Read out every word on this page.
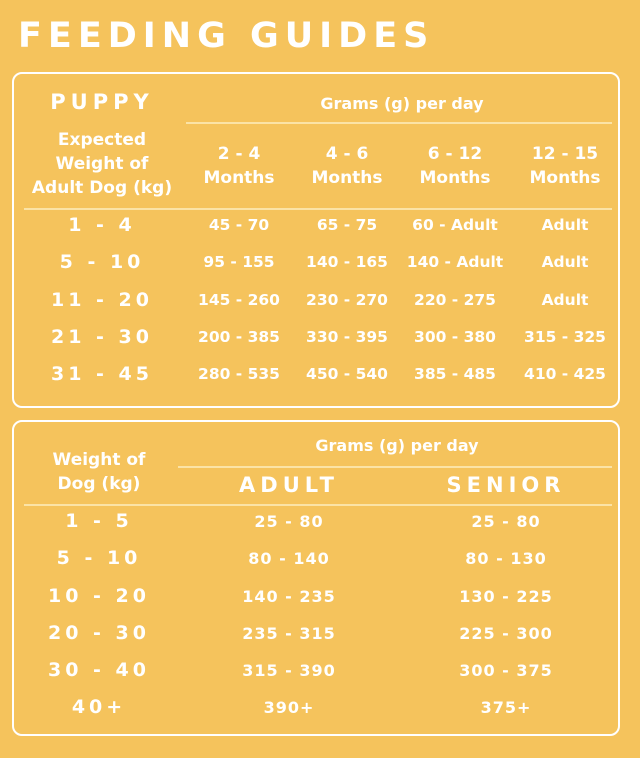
FEEDING GUIDES
PUPPY
Expected
Weight of
Adult Dog (kg)
Grams (g) per day
2 - 4
Months
4 - 6
Months
6 - 12
Months
12 - 15
Months
1 - 4	45 - 70	65 - 75	60 - Adult	Adult
5 - 10	95 - 155	140 - 165	140 - Adult	Adult
11 - 20	145 - 260	230 - 270	220 - 275	Adult
21 - 30	200 - 385	330 - 395	300 - 380	315 - 325
31 - 45	280 - 535	450 - 540	385 - 485	410 - 425
Weight of
Dog (kg)
Grams (g) per day
ADULT	SENIOR
1 - 5	25 - 80	25 - 80
5 - 10	80 - 140	80 - 130
10 - 20	140 - 235	130 - 225
20 - 30	235 - 315	225 - 300
30 - 40	315 - 390	300 - 375
40+	390+	375+
